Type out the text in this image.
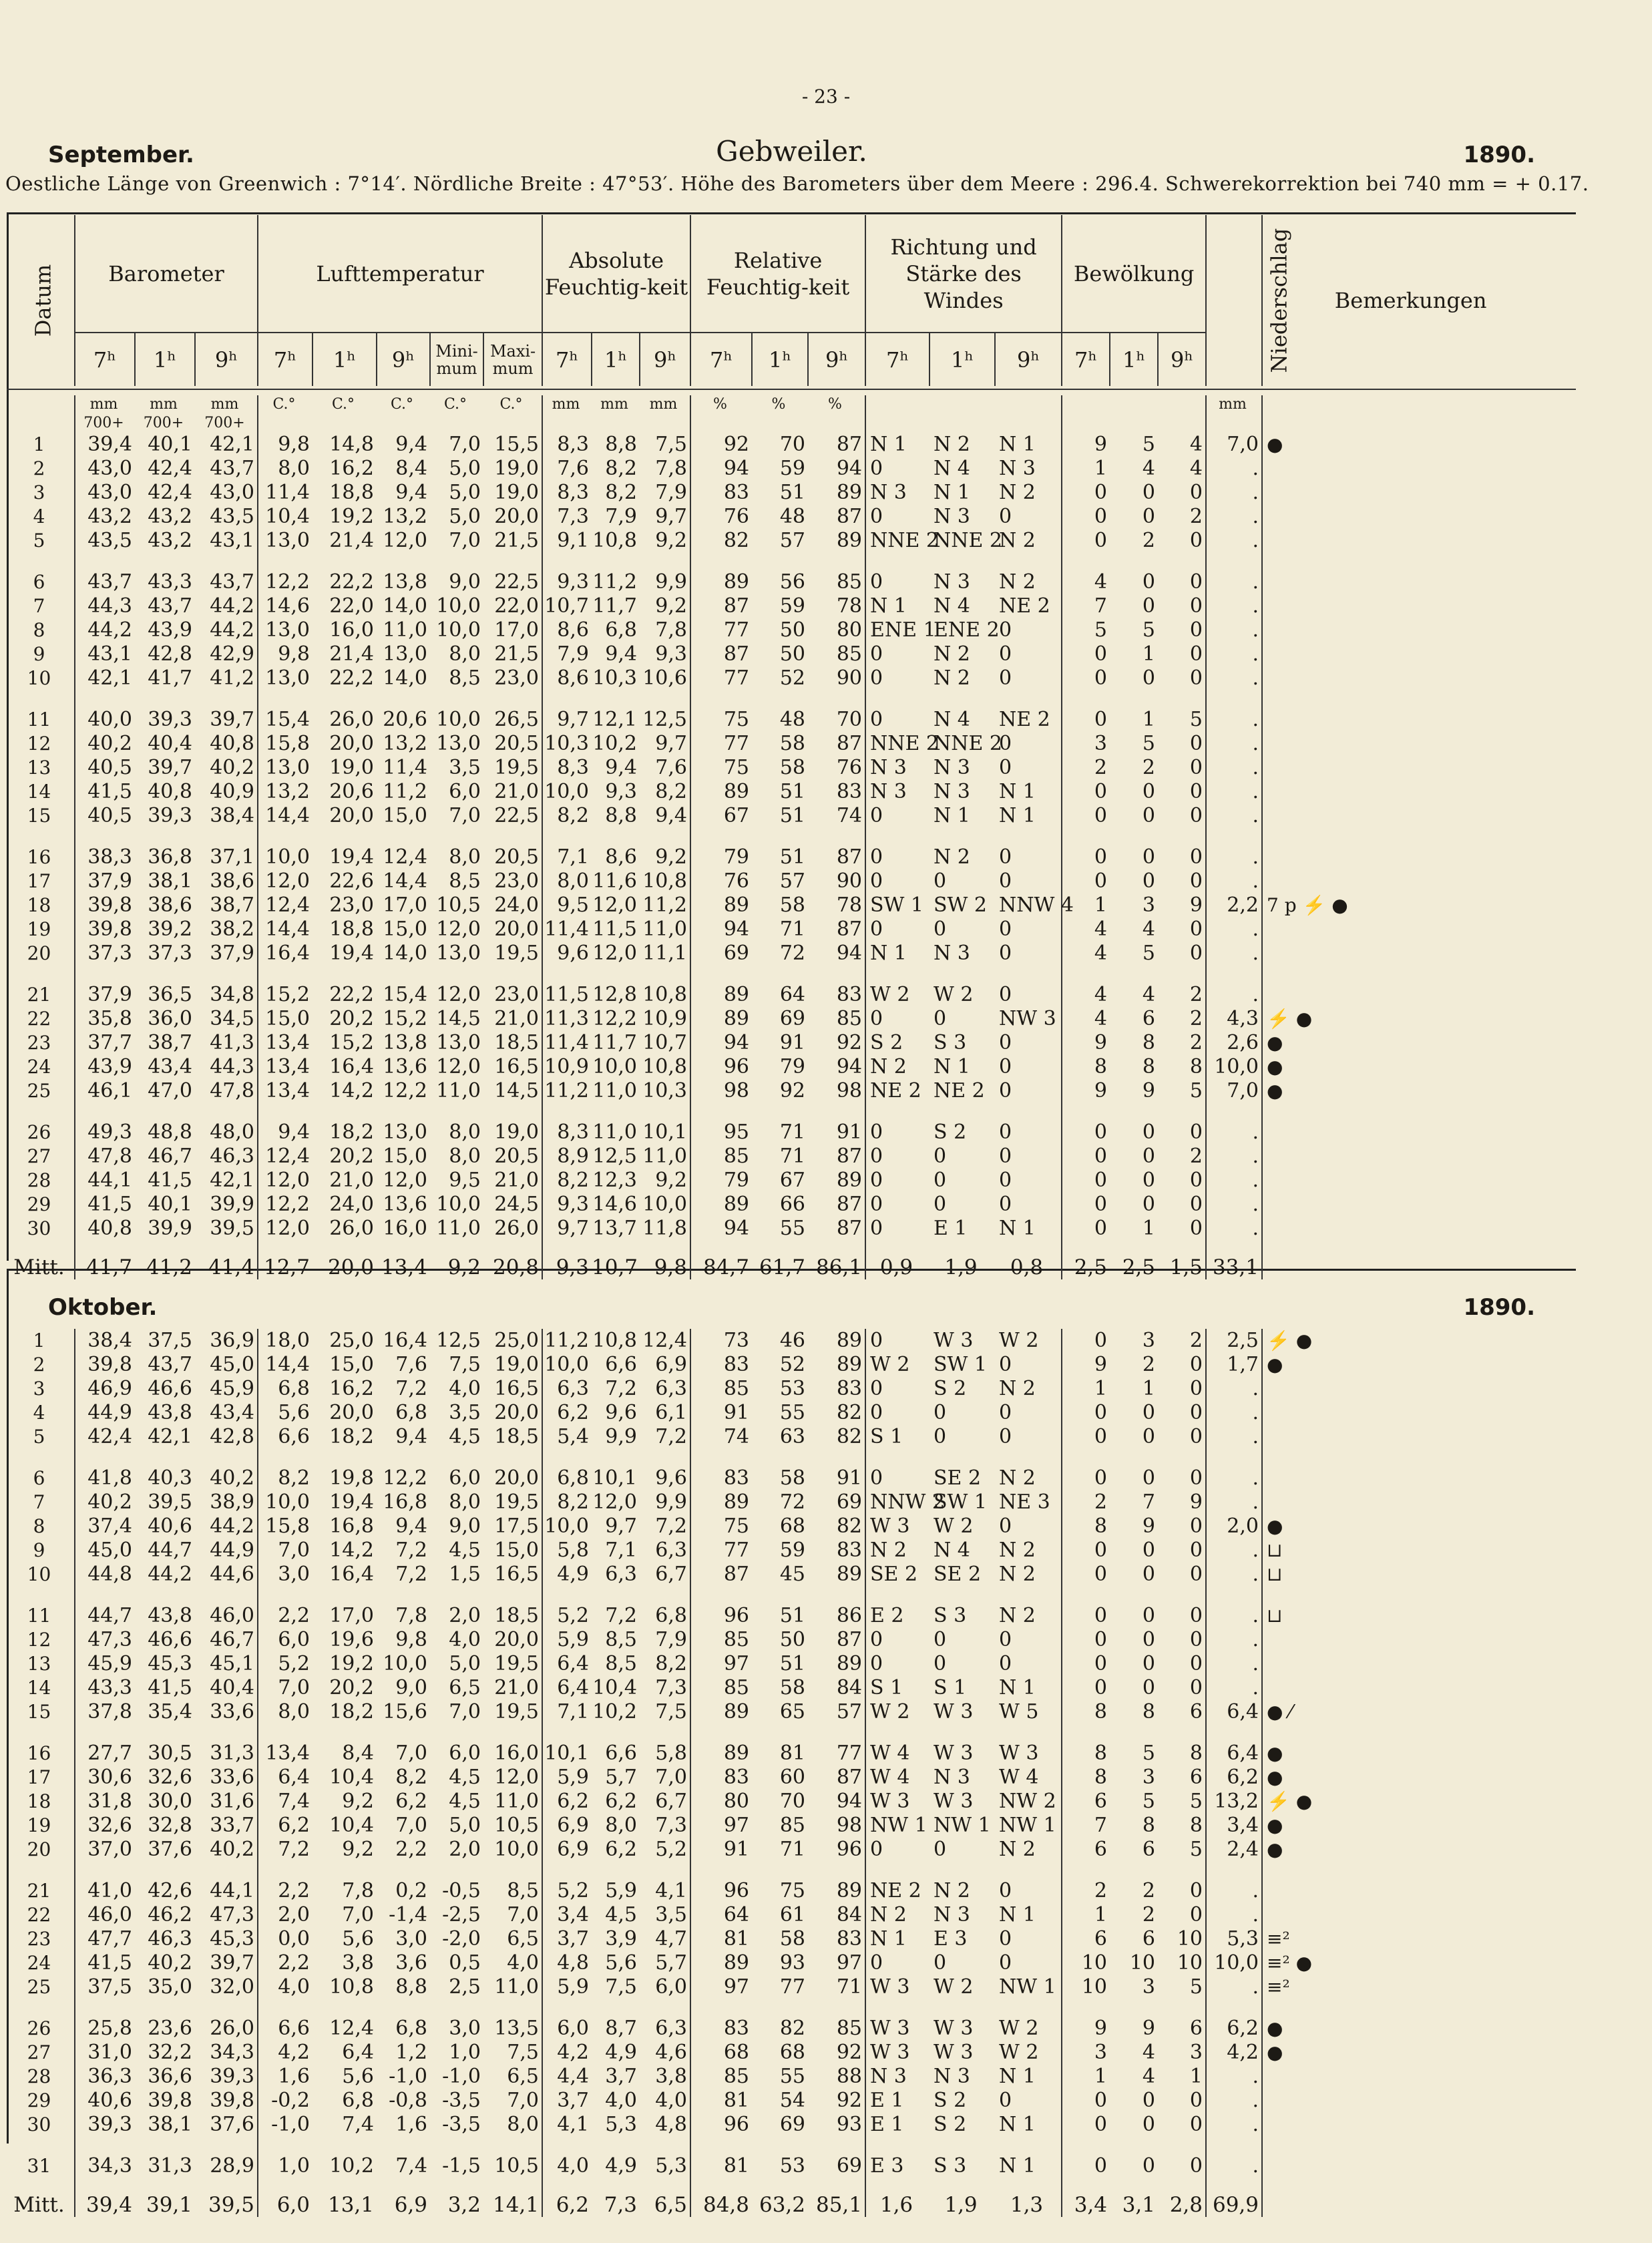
- 23 -
September.	Gebweiler.	1890.
Oestliche Länge von Greenwich : 7°14′. Nördliche Breite : 47°53′. Höhe des Barometers über dem Meere : 296.4. Schwerekorrektion bei 740 mm = + 0.17.
Datum	Barometer			Lufttemperatur					Absolute Feuchtig-keit			Relative Feuchtig-keit			Richtung und Stärke des Windes			Bewölkung			Niederschlag	Bemerkungen
	7ʰ	1ʰ	9ʰ	7ʰ	1ʰ	9ʰ	Mini-mum	Maxi-mum	7ʰ	1ʰ	9ʰ	7ʰ	1ʰ	9ʰ	7ʰ	1ʰ	9ʰ	7ʰ	1ʰ	9ʰ		
	mm	mm	mm	C.°	C.°	C.°	C.°	C.°	mm	mm	mm	%	%	%							mm	
	700+	700+	700+																			
1	39,4	40,1	42,1	9,8	14,8	9,4	7,0	15,5	8,3	8,8	7,5	92	70	87	N 1	N 2	N 1	9	5	4	7,0	●
2	43,0	42,4	43,7	8,0	16,2	8,4	5,0	19,0	7,6	8,2	7,8	94	59	94	0	N 4	N 3	1	4	4	.	
3	43,0	42,4	43,0	11,4	18,8	9,4	5,0	19,0	8,3	8,2	7,9	83	51	89	N 3	N 1	N 2	0	0	0	.	
4	43,2	43,2	43,5	10,4	19,2	13,2	5,0	20,0	7,3	7,9	9,7	76	48	87	0	N 3	0	0	0	2	.	
5	43,5	43,2	43,1	13,0	21,4	12,0	7,0	21,5	9,1	10,8	9,2	82	57	89	NNE 2	NNE 2	N 2	0	2	0	.	
6	43,7	43,3	43,7	12,2	22,2	13,8	9,0	22,5	9,3	11,2	9,9	89	56	85	0	N 3	N 2	4	0	0	.	
7	44,3	43,7	44,2	14,6	22,0	14,0	10,0	22,0	10,7	11,7	9,2	87	59	78	N 1	N 4	NE 2	7	0	0	.	
8	44,2	43,9	44,2	13,0	16,0	11,0	10,0	17,0	8,6	6,8	7,8	77	50	80	ENE 1	ENE 2	0	5	5	0	.	
9	43,1	42,8	42,9	9,8	21,4	13,0	8,0	21,5	7,9	9,4	9,3	87	50	85	0	N 2	0	0	1	0	.	
10	42,1	41,7	41,2	13,0	22,2	14,0	8,5	23,0	8,6	10,3	10,6	77	52	90	0	N 2	0	0	0	0	.	
11	40,0	39,3	39,7	15,4	26,0	20,6	10,0	26,5	9,7	12,1	12,5	75	48	70	0	N 4	NE 2	0	1	5	.	
12	40,2	40,4	40,8	15,8	20,0	13,2	13,0	20,5	10,3	10,2	9,7	77	58	87	NNE 2	NNE 2	0	3	5	0	.	
13	40,5	39,7	40,2	13,0	19,0	11,4	3,5	19,5	8,3	9,4	7,6	75	58	76	N 3	N 3	0	2	2	0	.	
14	41,5	40,8	40,9	13,2	20,6	11,2	6,0	21,0	10,0	9,3	8,2	89	51	83	N 3	N 3	N 1	0	0	0	.	
15	40,5	39,3	38,4	14,4	20,0	15,0	7,0	22,5	8,2	8,8	9,4	67	51	74	0	N 1	N 1	0	0	0	.	
16	38,3	36,8	37,1	10,0	19,4	12,4	8,0	20,5	7,1	8,6	9,2	79	51	87	0	N 2	0	0	0	0	.	
17	37,9	38,1	38,6	12,0	22,6	14,4	8,5	23,0	8,0	11,6	10,8	76	57	90	0	0	0	0	0	0	.	
18	39,8	38,6	38,7	12,4	23,0	17,0	10,5	24,0	9,5	12,0	11,2	89	58	78	SW 1	SW 2	NNW 4	1	3	9	2,2	7 p ⚡ ●
19	39,8	39,2	38,2	14,4	18,8	15,0	12,0	20,0	11,4	11,5	11,0	94	71	87	0	0	0	4	4	0	.	
20	37,3	37,3	37,9	16,4	19,4	14,0	13,0	19,5	9,6	12,0	11,1	69	72	94	N 1	N 3	0	4	5	0	.	
21	37,9	36,5	34,8	15,2	22,2	15,4	12,0	23,0	11,5	12,8	10,8	89	64	83	W 2	W 2	0	4	4	2	.	
22	35,8	36,0	34,5	15,0	20,2	15,2	14,5	21,0	11,3	12,2	10,9	89	69	85	0	0	NW 3	4	6	2	4,3	⚡ ●
23	37,7	38,7	41,3	13,4	15,2	13,8	13,0	18,5	11,4	11,7	10,7	94	91	92	S 2	S 3	0	9	8	2	2,6	●
24	43,9	43,4	44,3	13,4	16,4	13,6	12,0	16,5	10,9	10,0	10,8	96	79	94	N 2	N 1	0	8	8	8	10,0	●
25	46,1	47,0	47,8	13,4	14,2	12,2	11,0	14,5	11,2	11,0	10,3	98	92	98	NE 2	NE 2	0	9	9	5	7,0	●
26	49,3	48,8	48,0	9,4	18,2	13,0	8,0	19,0	8,3	11,0	10,1	95	71	91	0	S 2	0	0	0	0	.	
27	47,8	46,7	46,3	12,4	20,2	15,0	8,0	20,5	8,9	12,5	11,0	85	71	87	0	0	0	0	0	2	.	
28	44,1	41,5	42,1	12,0	21,0	12,0	9,5	21,0	8,2	12,3	9,2	79	67	89	0	0	0	0	0	0	.	
29	41,5	40,1	39,9	12,2	24,0	13,6	10,0	24,5	9,3	14,6	10,0	89	66	87	0	0	0	0	0	0	.	
30	40,8	39,9	39,5	12,0	26,0	16,0	11,0	26,0	9,7	13,7	11,8	94	55	87	0	E 1	N 1	0	1	0	.	
Mitt.	41,7	41,2	41,4	12,7	20,0	13,4	9,2	20,8	9,3	10,7	9,8	84,7	61,7	86,1	0,9	1,9	0,8	2,5	2,5	1,5	33,1	
Oktober.	1890.
1	38,4	37,5	36,9	18,0	25,0	16,4	12,5	25,0	11,2	10,8	12,4	73	46	89	0	W 3	W 2	0	3	2	2,5	⚡ ●
2	39,8	43,7	45,0	14,4	15,0	7,6	7,5	19,0	10,0	6,6	6,9	83	52	89	W 2	SW 1	0	9	2	0	1,7	●
3	46,9	46,6	45,9	6,8	16,2	7,2	4,0	16,5	6,3	7,2	6,3	85	53	83	0	S 2	N 2	1	1	0	.	
4	44,9	43,8	43,4	5,6	20,0	6,8	3,5	20,0	6,2	9,6	6,1	91	55	82	0	0	0	0	0	0	.	
5	42,4	42,1	42,8	6,6	18,2	9,4	4,5	18,5	5,4	9,9	7,2	74	63	82	S 1	0	0	0	0	0	.	
6	41,8	40,3	40,2	8,2	19,8	12,2	6,0	20,0	6,8	10,1	9,6	83	58	91	0	SE 2	N 2	0	0	0	.	
7	40,2	39,5	38,9	10,0	19,4	16,8	8,0	19,5	8,2	12,0	9,9	89	72	69	NNW 2	SW 1	NE 3	2	7	9	.	
8	37,4	40,6	44,2	15,8	16,8	9,4	9,0	17,5	10,0	9,7	7,2	75	68	82	W 3	W 2	0	8	9	0	2,0	●
9	45,0	44,7	44,9	7,0	14,2	7,2	4,5	15,0	5,8	7,1	6,3	77	59	83	N 2	N 4	N 2	0	0	0	.	⊔
10	44,8	44,2	44,6	3,0	16,4	7,2	1,5	16,5	4,9	6,3	6,7	87	45	89	SE 2	SE 2	N 2	0	0	0	.	⊔
11	44,7	43,8	46,0	2,2	17,0	7,8	2,0	18,5	5,2	7,2	6,8	96	51	86	E 2	S 3	N 2	0	0	0	.	⊔
12	47,3	46,6	46,7	6,0	19,6	9,8	4,0	20,0	5,9	8,5	7,9	85	50	87	0	0	0	0	0	0	.	
13	45,9	45,3	45,1	5,2	19,2	10,0	5,0	19,5	6,4	8,5	8,2	97	51	89	0	0	0	0	0	0	.	
14	43,3	41,5	40,4	7,0	20,2	9,0	6,5	21,0	6,4	10,4	7,3	85	58	84	S 1	S 1	N 1	0	0	0	.	
15	37,8	35,4	33,6	8,0	18,2	15,6	7,0	19,5	7,1	10,2	7,5	89	65	57	W 2	W 3	W 5	8	8	6	6,4	● ⁄
16	27,7	30,5	31,3	13,4	8,4	7,0	6,0	16,0	10,1	6,6	5,8	89	81	77	W 4	W 3	W 3	8	5	8	6,4	●
17	30,6	32,6	33,6	6,4	10,4	8,2	4,5	12,0	5,9	5,7	7,0	83	60	87	W 4	N 3	W 4	8	3	6	6,2	●
18	31,8	30,0	31,6	7,4	9,2	6,2	4,5	11,0	6,2	6,2	6,7	80	70	94	W 3	W 3	NW 2	6	5	5	13,2	⚡ ●
19	32,6	32,8	33,7	6,2	10,4	7,0	5,0	10,5	6,9	8,0	7,3	97	85	98	NW 1	NW 1	NW 1	7	8	8	3,4	●
20	37,0	37,6	40,2	7,2	9,2	2,2	2,0	10,0	6,9	6,2	5,2	91	71	96	0	0	N 2	6	6	5	2,4	●
21	41,0	42,6	44,1	2,2	7,8	0,2	-0,5	8,5	5,2	5,9	4,1	96	75	89	NE 2	N 2	0	2	2	0	.	
22	46,0	46,2	47,3	2,0	7,0	-1,4	-2,5	7,0	3,4	4,5	3,5	64	61	84	N 2	N 3	N 1	1	2	0	.	
23	47,7	46,3	45,3	0,0	5,6	3,0	-2,0	6,5	3,7	3,9	4,7	81	58	83	N 1	E 3	0	6	6	10	5,3	≡²
24	41,5	40,2	39,7	2,2	3,8	3,6	0,5	4,0	4,8	5,6	5,7	89	93	97	0	0	0	10	10	10	10,0	≡² ●
25	37,5	35,0	32,0	4,0	10,8	8,8	2,5	11,0	5,9	7,5	6,0	97	77	71	W 3	W 2	NW 1	10	3	5	.	≡²
26	25,8	23,6	26,0	6,6	12,4	6,8	3,0	13,5	6,0	8,7	6,3	83	82	85	W 3	W 3	W 2	9	9	6	6,2	●
27	31,0	32,2	34,3	4,2	6,4	1,2	1,0	7,5	4,2	4,9	4,6	68	68	92	W 3	W 3	W 2	3	4	3	4,2	●
28	36,3	36,6	39,3	1,6	5,6	-1,0	-1,0	6,5	4,4	3,7	3,8	85	55	88	N 3	N 3	N 1	1	4	1	.	
29	40,6	39,8	39,8	-0,2	6,8	-0,8	-3,5	7,0	3,7	4,0	4,0	81	54	92	E 1	S 2	0	0	0	0	.	
30	39,3	38,1	37,6	-1,0	7,4	1,6	-3,5	8,0	4,1	5,3	4,8	96	69	93	E 1	S 2	N 1	0	0	0	.	
31	34,3	31,3	28,9	1,0	10,2	7,4	-1,5	10,5	4,0	4,9	5,3	81	53	69	E 3	S 3	N 1	0	0	0	.	
Mitt.	39,4	39,1	39,5	6,0	13,1	6,9	3,2	14,1	6,2	7,3	6,5	84,8	63,2	85,1	1,6	1,9	1,3	3,4	3,1	2,8	69,9	
